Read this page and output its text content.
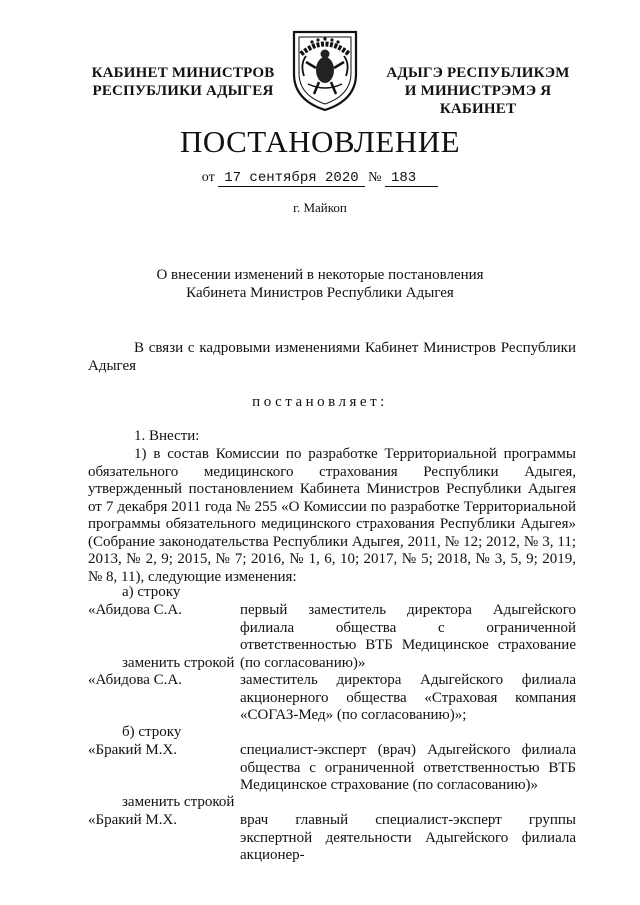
КАБИНЕТ МИНИСТРОВ
РЕСПУБЛИКИ АДЫГЕЯ
АДЫГЭ РЕСПУБЛИКЭМ
И МИНИСТРЭМЭ Я КАБИНЕТ
ПОСТАНОВЛЕНИЕ
от 17 сентября 2020 № 183
г. Майкоп
О внесении изменений в некоторые постановления
Кабинета Министров Республики Адыгея
В связи с кадровыми изменениями Кабинет Министров Республики Адыгея
постановляет:
1. Внести:
1) в состав Комиссии по разработке Территориальной программы обязательного медицинского страхования Республики Адыгея, утвержденный постановлением Кабинета Министров Республики Адыгея от 7 декабря 2011 года № 255 «О Комиссии по разработке Территориальной программы обязательного медицинского страхования Республики Адыгея» (Собрание законодательства Республики Адыгея, 2011, № 12; 2012, № 3, 11; 2013, № 2, 9; 2015, № 7; 2016, № 1, 6, 10; 2017, № 5; 2018, № 3, 5, 9; 2019, № 8, 11), следующие изменения:
а) строку
«Абидова С.А.	первый заместитель директора Адыгейского филиала общества с ограниченной ответственностью ВТБ Медицинское страхование (по согласованию)»
заменить строкой
«Абидова С.А.	заместитель директора Адыгейского филиала акционерного общества «Страховая компания «СОГАЗ-Мед» (по согласованию)»;
б) строку
«Бракий М.Х.	специалист-эксперт (врач) Адыгейского филиала общества с ограниченной ответственностью ВТБ Медицинское страхование (по согласованию)»
заменить строкой
«Бракий М.Х.	врач главный специалист-эксперт группы экспертной деятельности Адыгейского филиала акционер-
